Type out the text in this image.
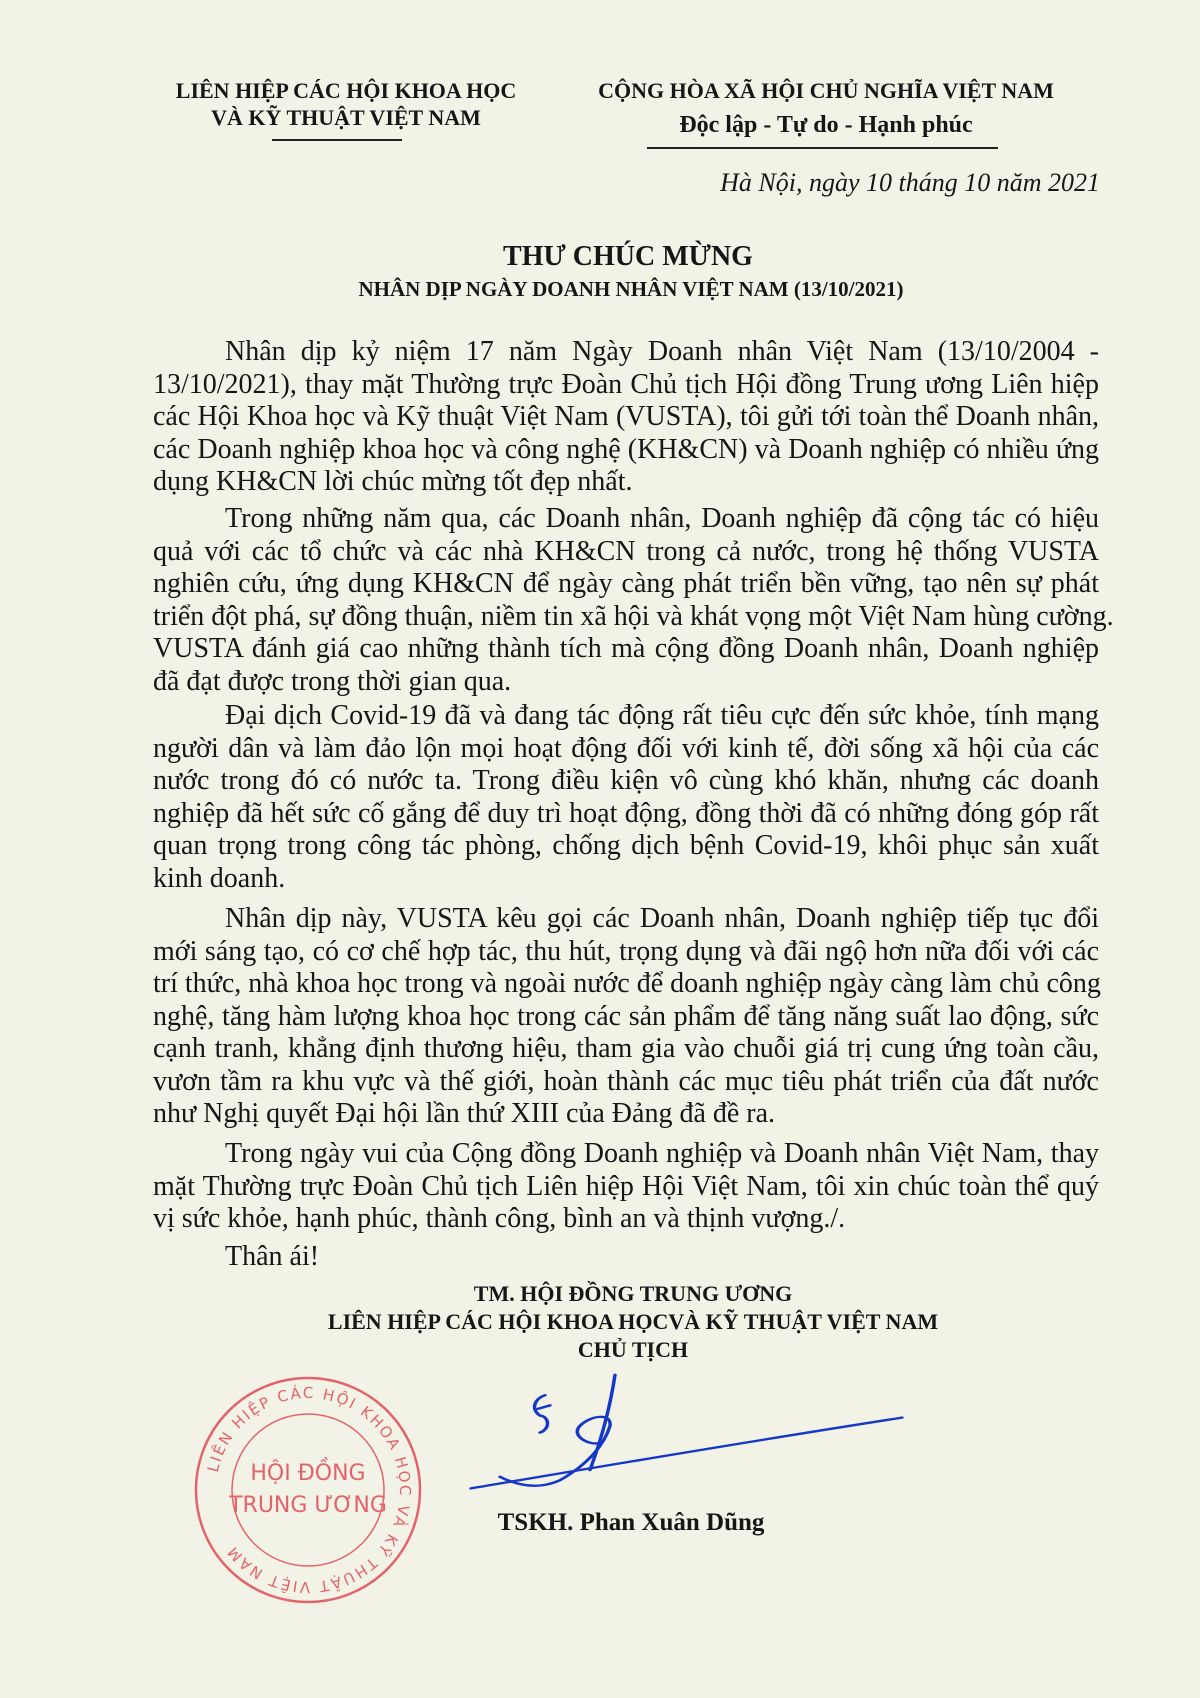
LIÊN HIỆP CÁC HỘI KHOA HỌC
VÀ KỸ THUẬT VIỆT NAM
CỘNG HÒA XÃ HỘI CHỦ NGHĨA VIỆT NAM
Độc lập - Tự do - Hạnh phúc
Hà Nội, ngày 10 tháng 10 năm 2021
THƯ CHÚC MỪNG
NHÂN DỊP NGÀY DOANH NHÂN VIỆT NAM (13/10/2021)
Nhân dịp kỷ niệm 17 năm Ngày Doanh nhân Việt Nam (13/10/2004 -
13/10/2021), thay mặt Thường trực Đoàn Chủ tịch Hội đồng Trung ương Liên hiệp
các Hội Khoa học và Kỹ thuật Việt Nam (VUSTA), tôi gửi tới toàn thể Doanh nhân,
các Doanh nghiệp khoa học và công nghệ (KH&CN) và Doanh nghiệp có nhiều ứng
dụng KH&CN lời chúc mừng tốt đẹp nhất.
Trong những năm qua, các Doanh nhân, Doanh nghiệp đã cộng tác có hiệu
quả với các tổ chức và các nhà KH&CN trong cả nước, trong hệ thống VUSTA
nghiên cứu, ứng dụng KH&CN để ngày càng phát triển bền vững, tạo nên sự phát
triển đột phá, sự đồng thuận, niềm tin xã hội và khát vọng một Việt Nam hùng cường.
VUSTA đánh giá cao những thành tích mà cộng đồng Doanh nhân, Doanh nghiệp
đã đạt được trong thời gian qua.
Đại dịch Covid-19 đã và đang tác động rất tiêu cực đến sức khỏe, tính mạng
người dân và làm đảo lộn mọi hoạt động đối với kinh tế, đời sống xã hội của các
nước trong đó có nước ta. Trong điều kiện vô cùng khó khăn, nhưng các doanh
nghiệp đã hết sức cố gắng để duy trì hoạt động, đồng thời đã có những đóng góp rất
quan trọng trong công tác phòng, chống dịch bệnh Covid-19, khôi phục sản xuất
kinh doanh.
Nhân dịp này, VUSTA kêu gọi các Doanh nhân, Doanh nghiệp tiếp tục đổi
mới sáng tạo, có cơ chế hợp tác, thu hút, trọng dụng và đãi ngộ hơn nữa đối với các
trí thức, nhà khoa học trong và ngoài nước để doanh nghiệp ngày càng làm chủ công
nghệ, tăng hàm lượng khoa học trong các sản phẩm để tăng năng suất lao động, sức
cạnh tranh, khẳng định thương hiệu, tham gia vào chuỗi giá trị cung ứng toàn cầu,
vươn tầm ra khu vực và thế giới, hoàn thành các mục tiêu phát triển của đất nước
như Nghị quyết Đại hội lần thứ XIII của Đảng đã đề ra.
Trong ngày vui của Cộng đồng Doanh nghiệp và Doanh nhân Việt Nam, thay
mặt Thường trực Đoàn Chủ tịch Liên hiệp Hội Việt Nam, tôi xin chúc toàn thể quý
vị sức khỏe, hạnh phúc, thành công, bình an và thịnh vượng./.
Thân ái!
LIÊN HIỆP CÁC HỘI KHOA HỌC VÀ KỸ THUẬT VIỆT NAM
HỘI ĐỒNG
TRUNG ƯƠNG
TM. HỘI ĐỒNG TRUNG ƯƠNG
LIÊN HIỆP CÁC HỘI KHOA HỌCVÀ KỸ THUẬT VIỆT NAM
CHỦ TỊCH
TSKH. Phan Xuân Dũng
